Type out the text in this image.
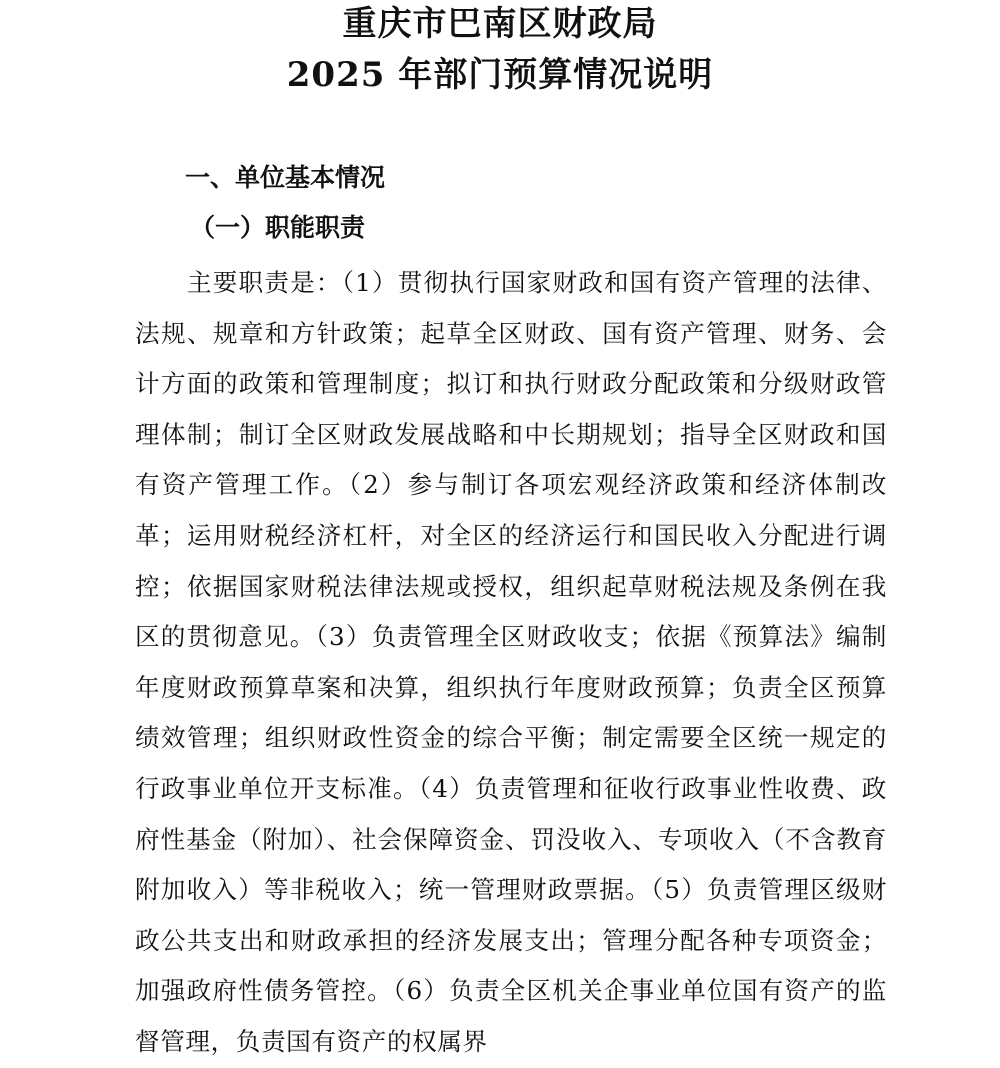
重庆市巴南区财政局
2025 年部门预算情况说明
一、单位基本情况
（一）职能职责

主要职责是：（1）贯彻执行国家财政和国有资产管理的法律、法规、规章和方针政策；起草全区财政、国有资产管理、财务、会计方面的政策和管理制度；拟订和执行财政分配政策和分级财政管理体制；制订全区财政发展战略和中长期规划；指导全区财政和国有资产管理工作。（2）参与制订各项宏观经济政策和经济体制改革；运用财税经济杠杆，对全区的经济运行和国民收入分配进行调控；依据国家财税法律法规或授权，组织起草财税法规及条例在我区的贯彻意见。（3）负责管理全区财政收支；依据《预算法》编制年度财政预算草案和决算，组织执行年度财政预算；负责全区预算绩效管理；组织财政性资金的综合平衡；制定需要全区统一规定的行政事业单位开支标准。（4）负责管理和征收行政事业性收费、政府性基金（附加）、社会保障资金、罚没收入、专项收入（不含教育附加收入）等非税收入；统一管理财政票据。（5）负责管理区级财政公共支出和财政承担的经济发展支出；管理分配各种专项资金；加强政府性债务管控。（6）负责全区机关企事业单位国有资产的监督管理，负责国有资产的权属界
